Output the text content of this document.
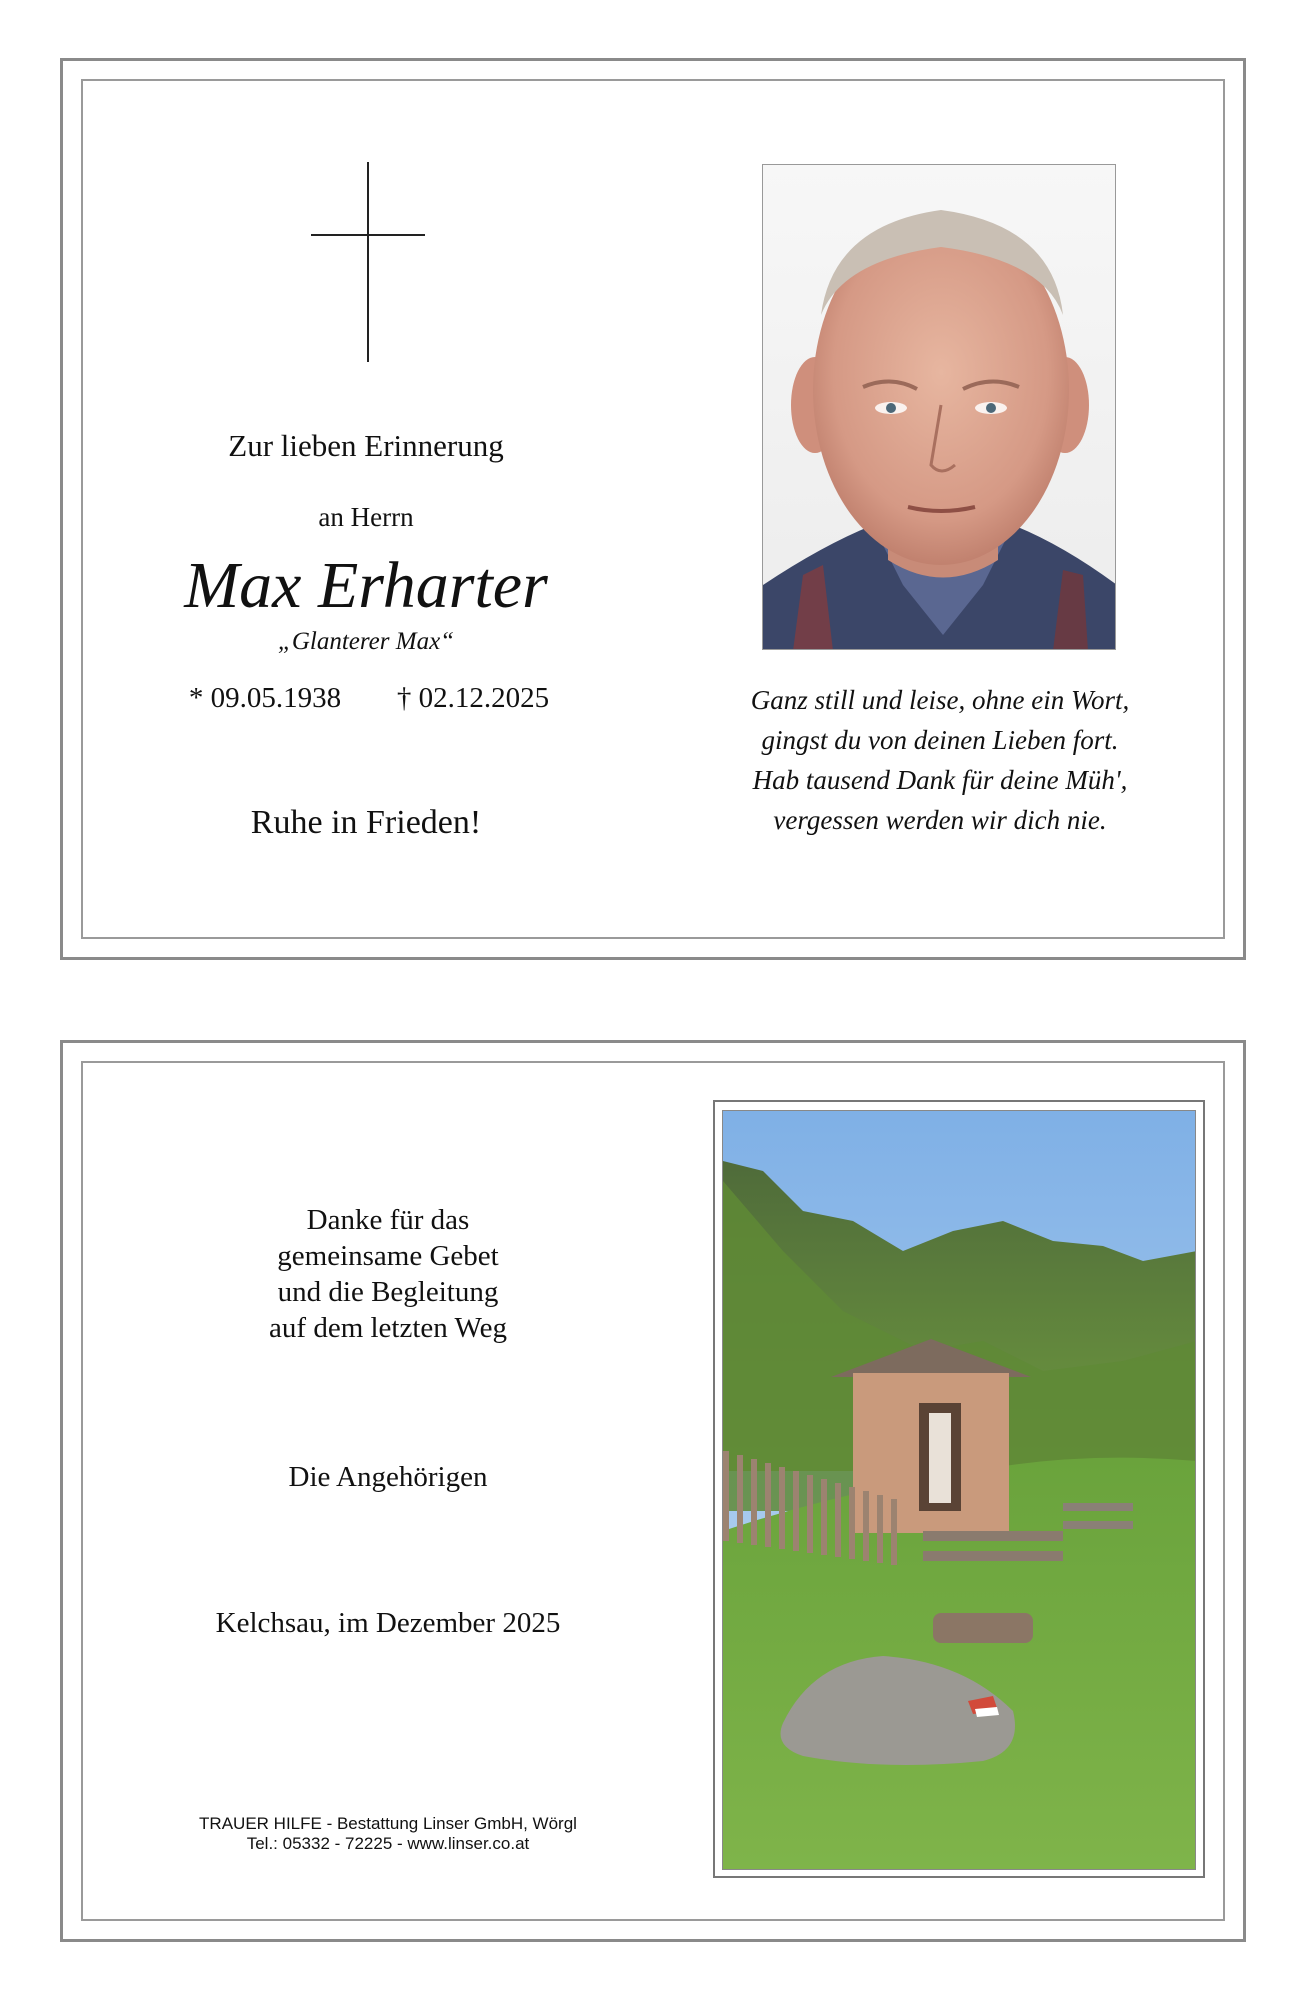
Zur lieben Erinnerung
an Herrn
Max Erharter
„Glanterer Max“
* 09.05.1938	† 02.12.2025
Ruhe in Frieden!
Ganz still und leise, ohne ein Wort,
gingst du von deinen Lieben fort.
Hab tausend Dank für deine Müh',
vergessen werden wir dich nie.
Danke für das
gemeinsame Gebet
und die Begleitung
auf dem letzten Weg
Die Angehörigen
Kelchsau, im Dezember 2025
TRAUER HILFE - Bestattung Linser GmbH, Wörgl
Tel.: 05332 - 72225 - www.linser.co.at
